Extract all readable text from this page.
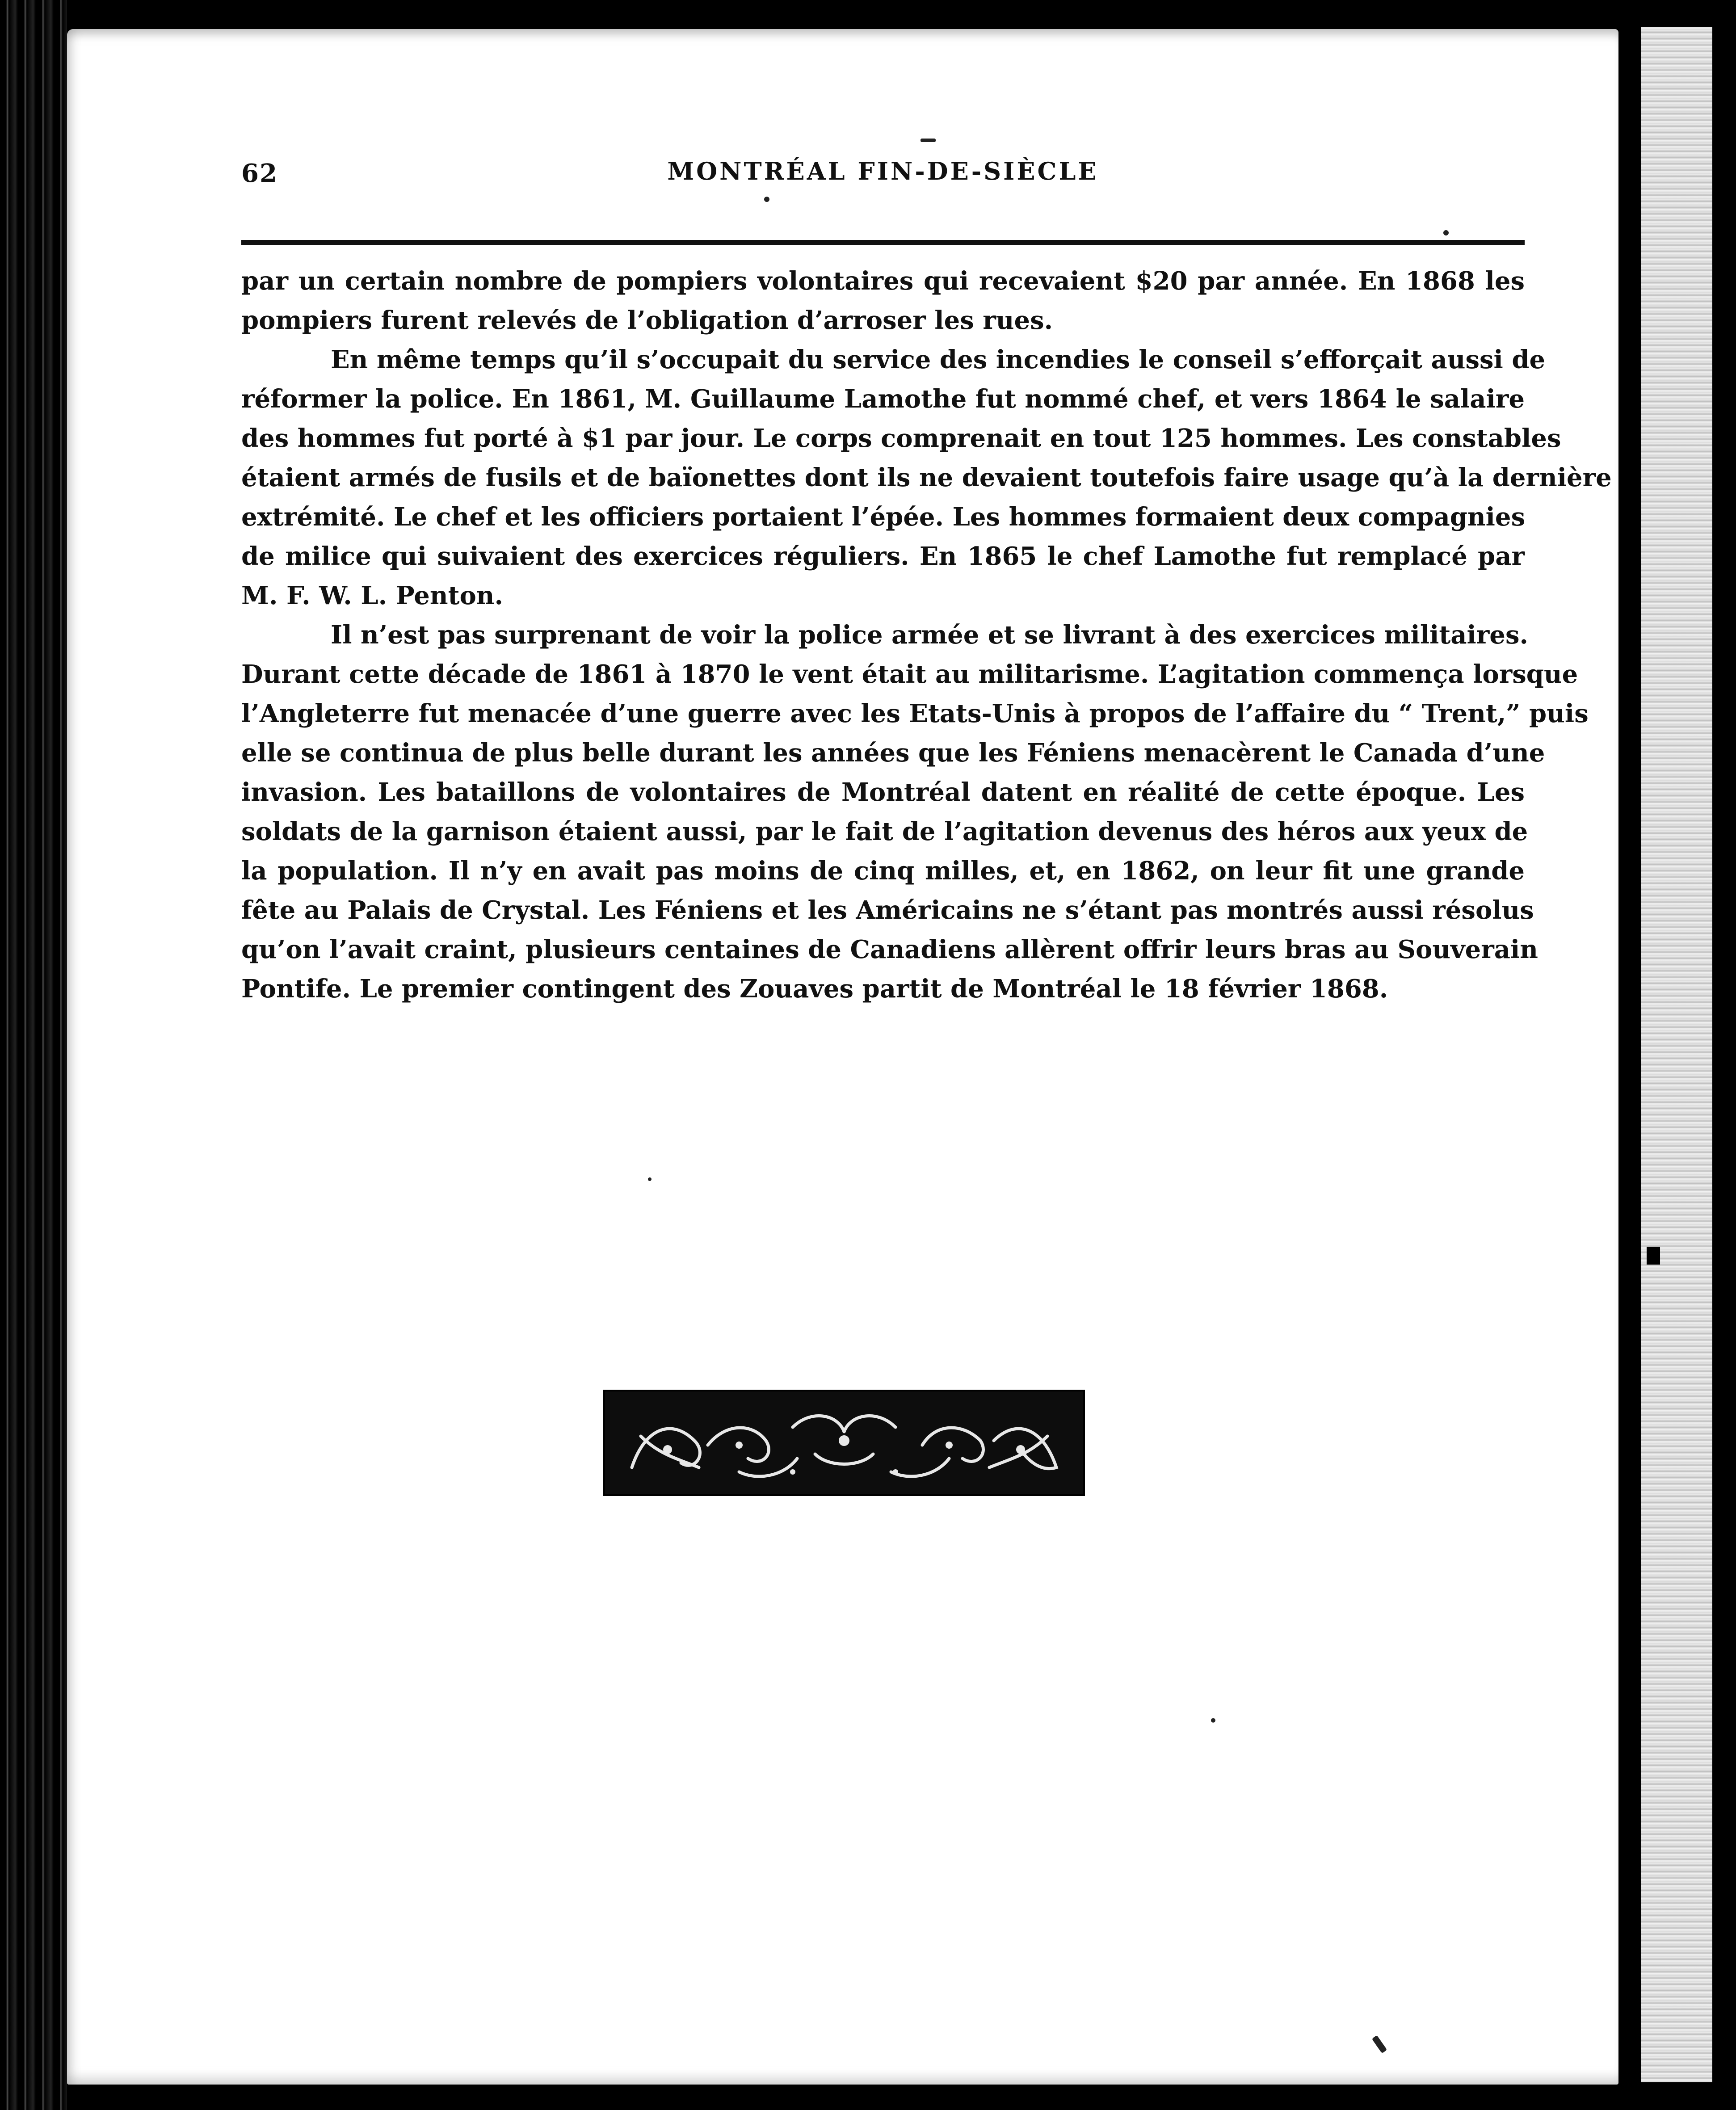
62	MONTRÉAL FIN-DE-SIÈCLE
par un certain nombre de pompiers volontaires qui recevaient $20 par année. En 1868 les
pompiers furent relevés de l’obligation d’arroser les rues.
En même temps qu’il s’occupait du service des incendies le conseil s’efforçait aussi de
réformer la police. En 1861, M. Guillaume Lamothe fut nommé chef, et vers 1864 le salaire
des hommes fut porté à $1 par jour. Le corps comprenait en tout 125 hommes. Les constables
étaient armés de fusils et de baïonettes dont ils ne devaient toutefois faire usage qu’à la dernière
extrémité. Le chef et les officiers portaient l’épée. Les hommes formaient deux compagnies
de milice qui suivaient des exercices réguliers. En 1865 le chef Lamothe fut remplacé par
M. F. W. L. Penton.
Il n’est pas surprenant de voir la police armée et se livrant à des exercices militaires.
Durant cette décade de 1861 à 1870 le vent était au militarisme. L’agitation commença lorsque
l’Angleterre fut menacée d’une guerre avec les Etats-Unis à propos de l’affaire du “ Trent,” puis
elle se continua de plus belle durant les années que les Féniens menacèrent le Canada d’une
invasion. Les bataillons de volontaires de Montréal datent en réalité de cette époque. Les
soldats de la garnison étaient aussi, par le fait de l’agitation devenus des héros aux yeux de
la population. Il n’y en avait pas moins de cinq milles, et, en 1862, on leur fit une grande
fête au Palais de Crystal. Les Féniens et les Américains ne s’étant pas montrés aussi résolus
qu’on l’avait craint, plusieurs centaines de Canadiens allèrent offrir leurs bras au Souverain
Pontife. Le premier contingent des Zouaves partit de Montréal le 18 février 1868.
